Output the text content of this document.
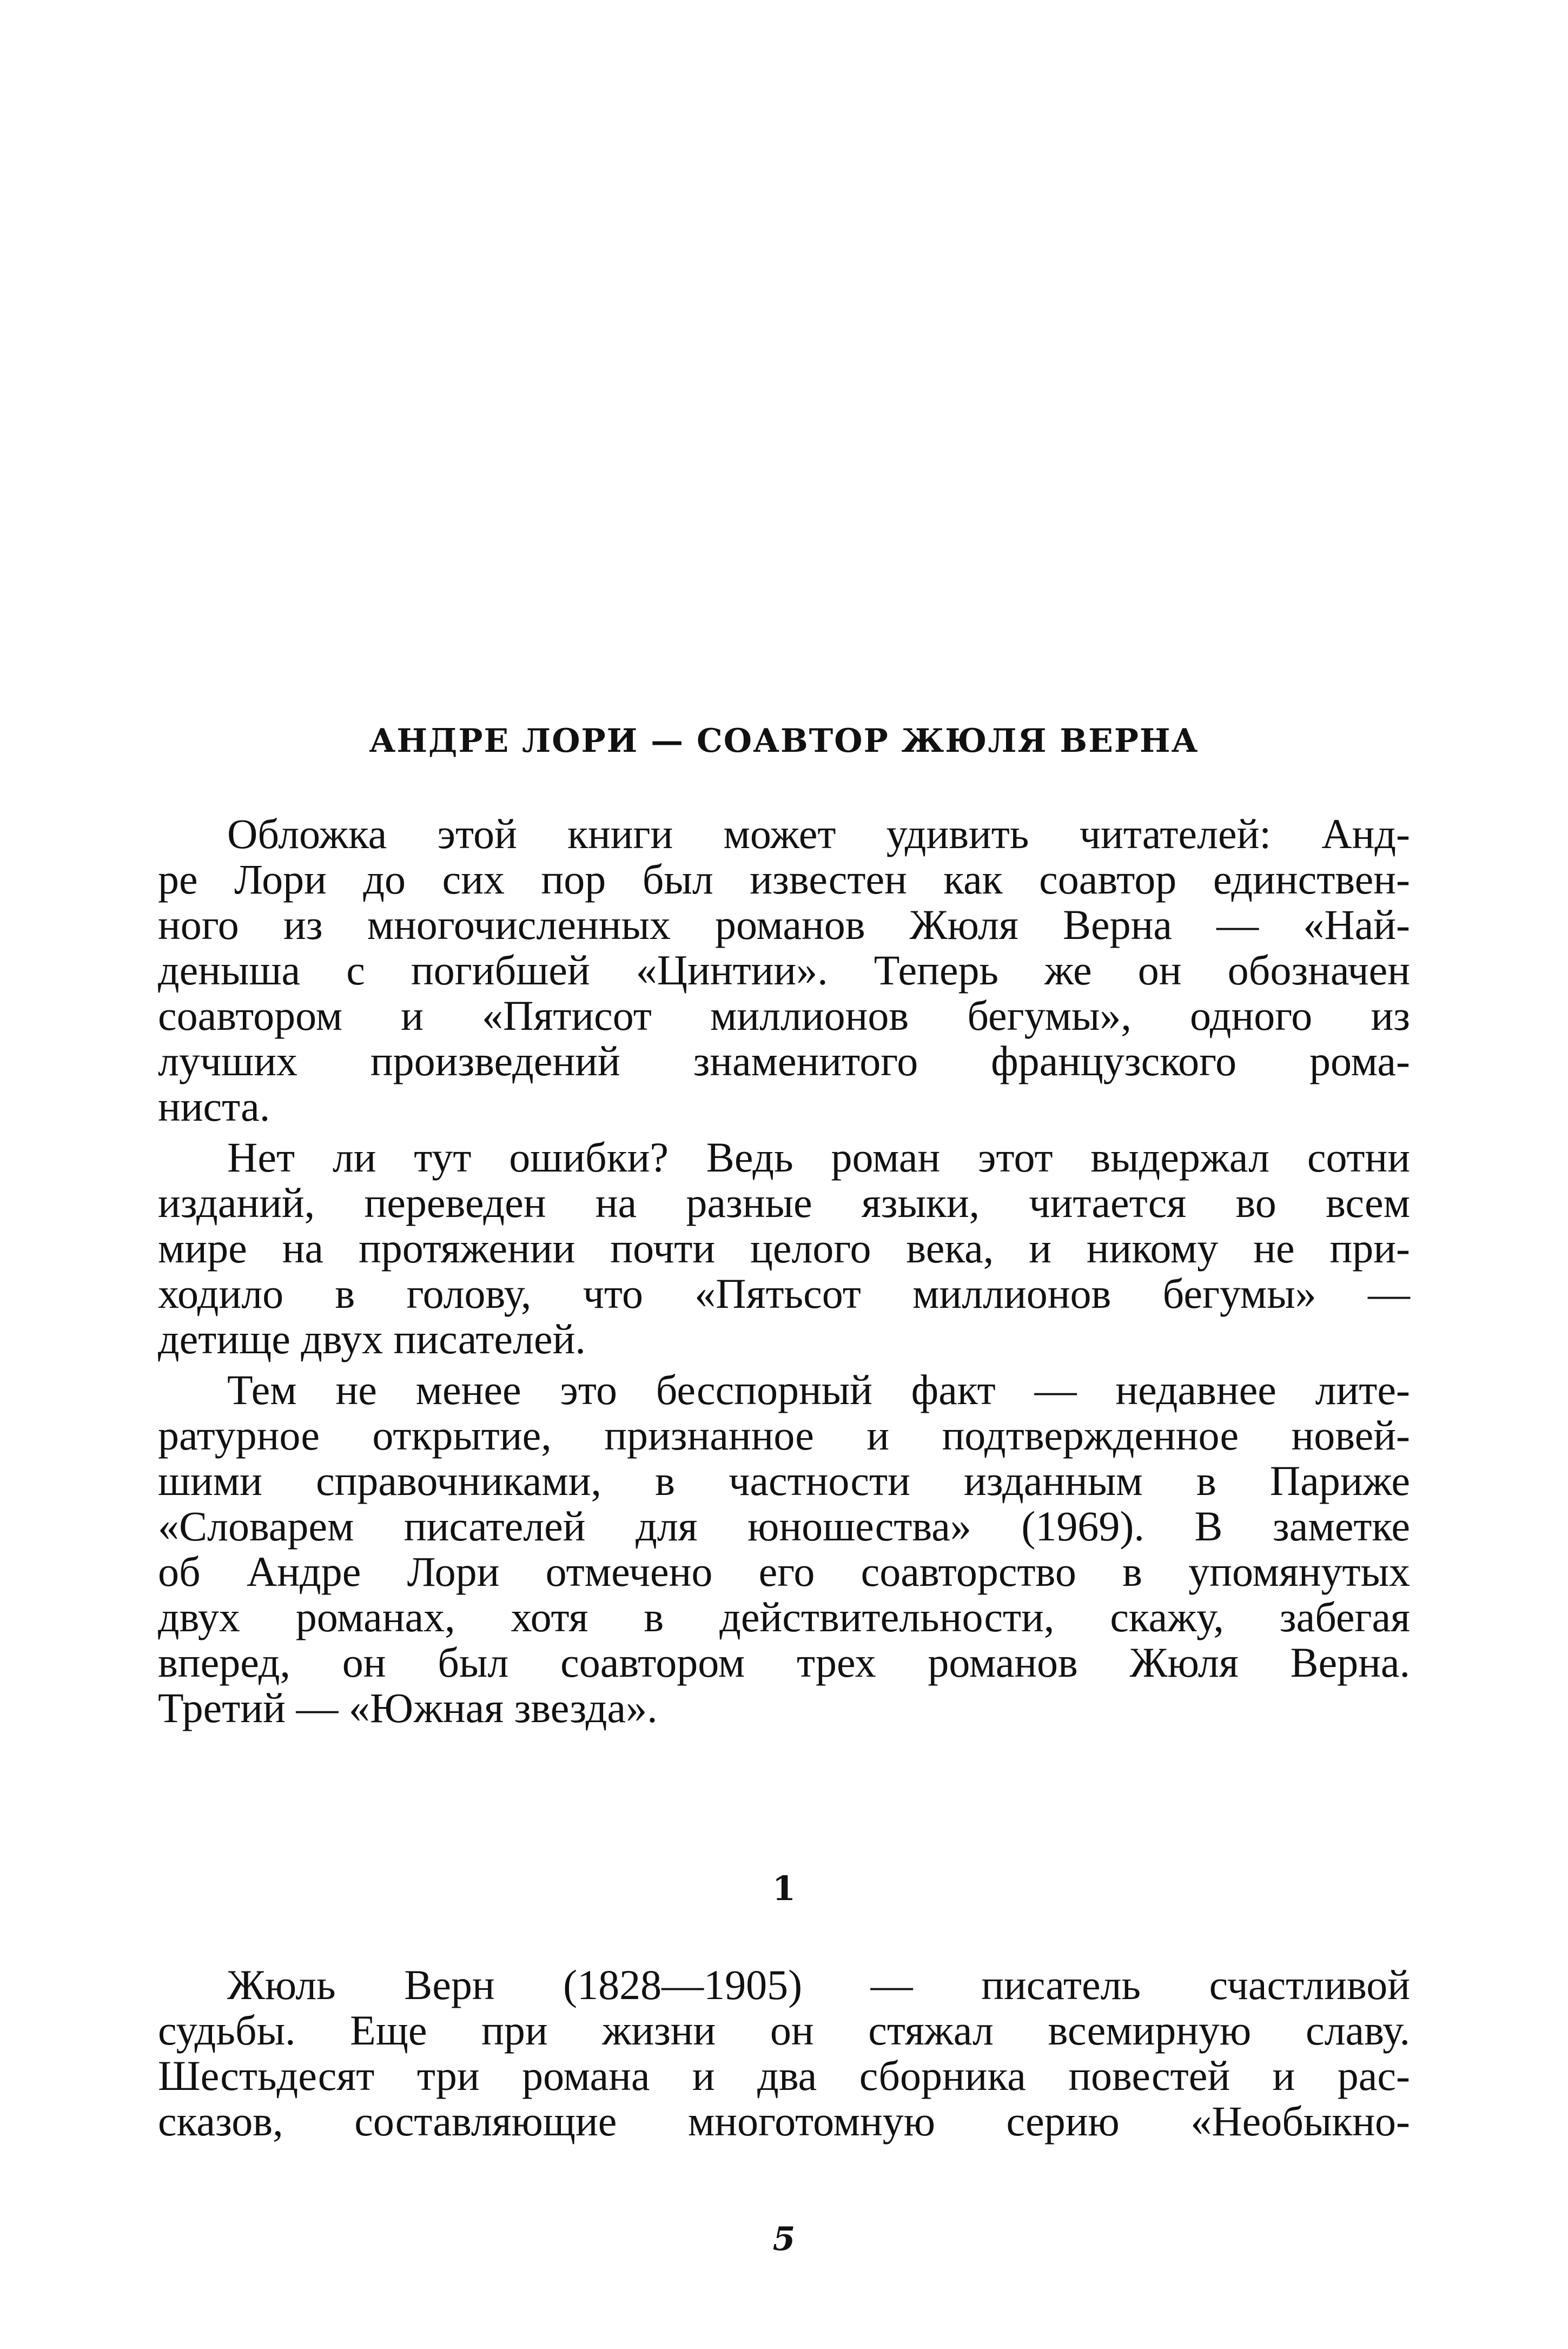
АНДРЕ ЛОРИ — СОАВТОР ЖЮЛЯ ВЕРНА
Обложка этой книги может удивить читателей: Анд-
ре Лори до сих пор был известен как соавтор единствен-
ного из многочисленных романов Жюля Верна — «Най-
деныша с погибшей «Цинтии». Теперь же он обозначен
соавтором и «Пятисот миллионов бегумы», одного из
лучших произведений знаменитого французского рома-
ниста.
Нет ли тут ошибки? Ведь роман этот выдержал сотни
изданий, переведен на разные языки, читается во всем
мире на протяжении почти целого века, и никому не при-
ходило в голову, что «Пятьсот миллионов бегумы» —
детище двух писателей.
Тем не менее это бесспорный факт — недавнее лите-
ратурное открытие, признанное и подтвержденное новей-
шими справочниками, в частности изданным в Париже
«Словарем писателей для юношества» (1969). В заметке
об Андре Лори отмечено его соавторство в упомянутых
двух романах, хотя в действительности, скажу, забегая
вперед, он был соавтором трех романов Жюля Верна.
Третий — «Южная звезда».
1
Жюль Верн (1828—1905) — писатель счастливой
судьбы. Еще при жизни он стяжал всемирную славу.
Шестьдесят три романа и два сборника повестей и рас-
сказов, составляющие многотомную серию «Необыкно-
5
